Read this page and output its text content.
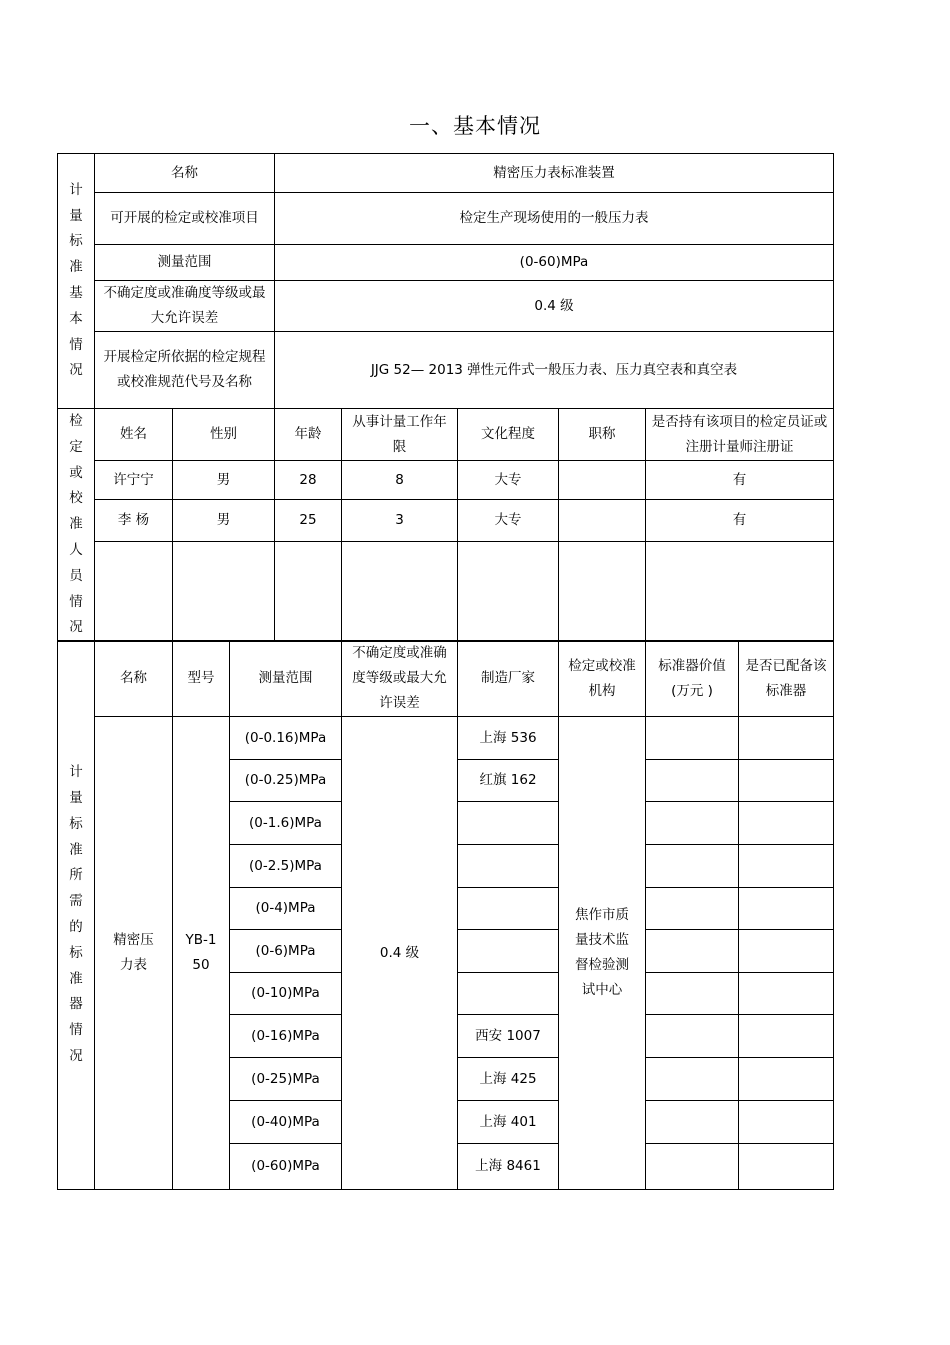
一、基本情况
计量标准基本情况	名称	精密压力表标准装置
	可开展的检定或校准项目	检定生产现场使用的一般压力表
	测量范围	(0-60)MPa
	不确定度或准确度等级或最大允许误差	0.4 级
	开展检定所依据的检定规程或校准规范代号及名称	JJG 52— 2013 弹性元件式一般压力表、压力真空表和真空表
检定或校准人员情况	姓名	性别	年龄	从事计量工作年限	文化程度	职称	是否持有该项目的检定员证或注册计量师注册证
	许宁宁	男	28	8	大专		有
	李 杨	男	25	3	大专		有

计量标准所需的标准器情况	名称	型号	测量范围	不确定度或准确度等级或最大允许误差	制造厂家	检定或校准机构	标准器价值(万元 )	是否已配备该标准器

	精密压力表	YB-150	(0-0.16)MPa	0.4 级	上海 536	焦作市质量技术监督检验测试中心		

			(0-0.25)MPa		红旗 162			
			(0-1.6)MPa					
			(0-2.5)MPa					
			(0-4)MPa					
			(0-6)MPa					
			(0-10)MPa					
			(0-16)MPa		西安 1007			
			(0-25)MPa		上海 425			
			(0-40)MPa		上海 401			
			(0-60)MPa		上海 8461			
